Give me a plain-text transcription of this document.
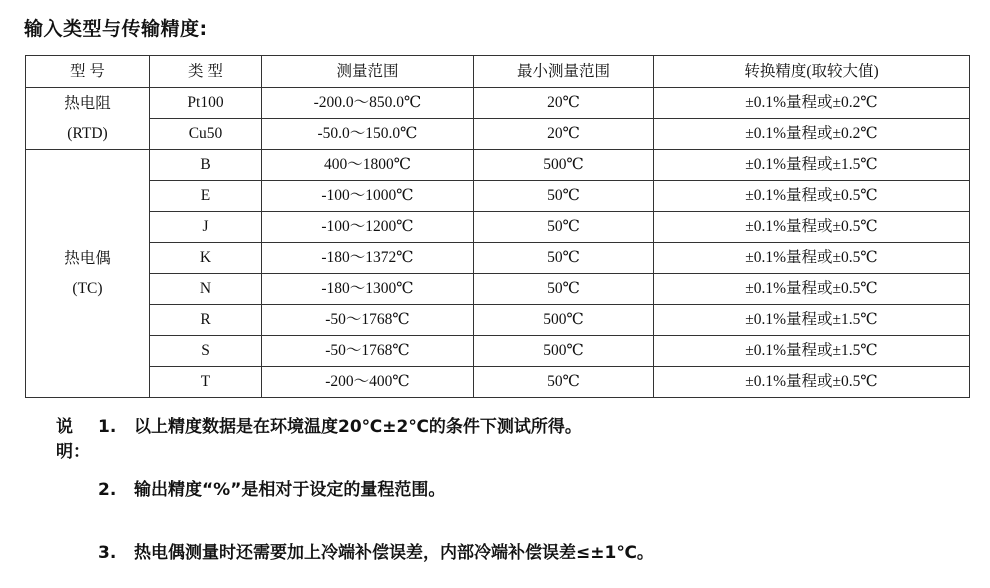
输入类型与传输精度:
型 号	类 型	测量范围	最小测量范围	转换精度(取较大值)

热电阻
(RTD)	Pt100	-200.0～850.0℃	20℃	±0.1%量程或±0.2℃
	Cu50	-50.0～150.0℃	20℃	±0.1%量程或±0.2℃

热电偶
(TC)	B	400～1800℃	500℃	±0.1%量程或±1.5℃
	E	-100～1000℃	50℃	±0.1%量程或±0.5℃
	J	-100～1200℃	50℃	±0.1%量程或±0.5℃
	K	-180～1372℃	50℃	±0.1%量程或±0.5℃
	N	-180～1300℃	50℃	±0.1%量程或±0.5℃
	R	-50～1768℃	500℃	±0.1%量程或±1.5℃
	S	-50～1768℃	500℃	±0.1%量程或±1.5℃
	T	-200～400℃	50℃	±0.1%量程或±0.5℃
说明：
1.	以上精度数据是在环境温度20℃±2℃的条件下测试所得。
2.	输出精度“%”是相对于设定的量程范围。
3.	热电偶测量时还需要加上冷端补偿误差，内部冷端补偿误差≤±1℃。
